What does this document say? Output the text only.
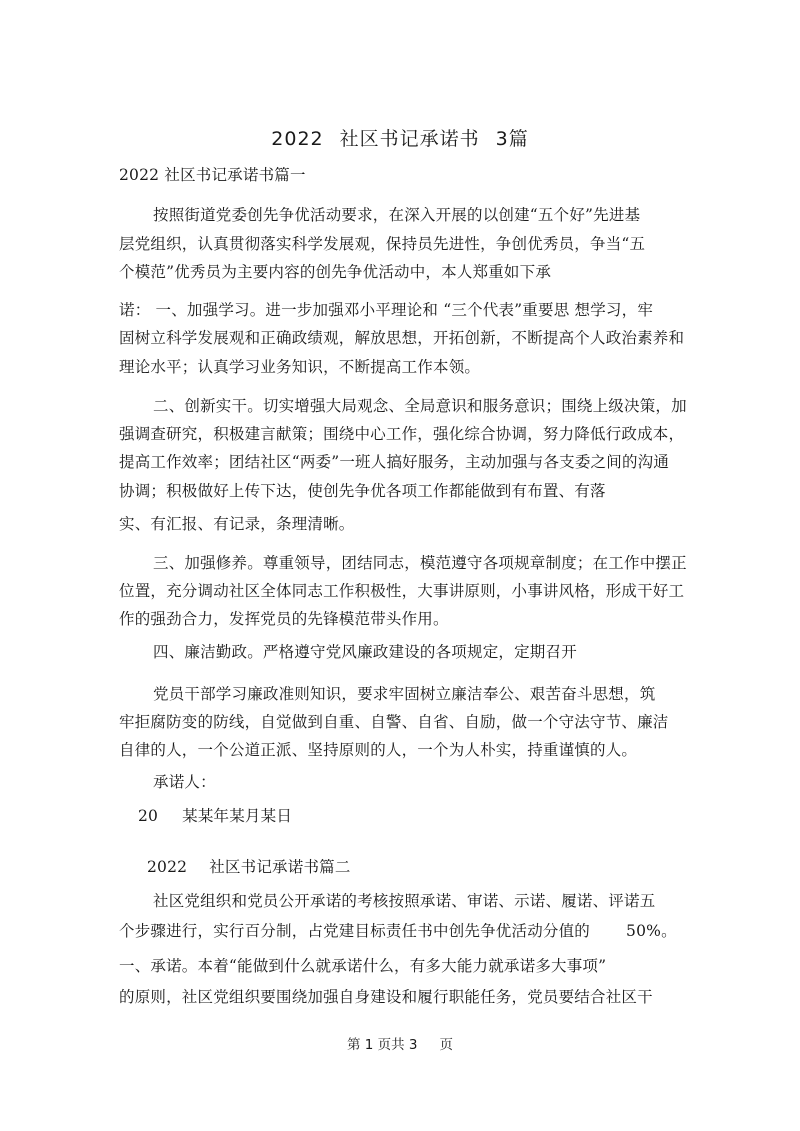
2022 社区书记承诺书 3篇
2022 社区书记承诺书篇一
按照街道党委创先争优活动要求，在深入开展的以创建“五个好”先进基
层党组织，认真贯彻落实科学发展观，保持员先进性，争创优秀员，争当“五
个模范”优秀员为主要内容的创先争优活动中，本人郑重如下承
诺： 一、加强学习。进一步加强邓小平理论和 “三个代表”重要思 想学习，牢
固树立科学发展观和正确政绩观，解放思想，开拓创新，不断提高个人政治素养和
理论水平；认真学习业务知识，不断提高工作本领。
二、创新实干。切实增强大局观念、全局意识和服务意识；围绕上级决策，加
强调查研究，积极建言献策；围绕中心工作，强化综合协调，努力降低行政成本，
提高工作效率；团结社区“两委”一班人搞好服务，主动加强与各支委之间的沟通
协调；积极做好上传下达，使创先争优各项工作都能做到有布置、有落
实、有汇报、有记录，条理清晰。
三、加强修养。尊重领导，团结同志，模范遵守各项规章制度；在工作中摆正
位置，充分调动社区全体同志工作积极性，大事讲原则，小事讲风格，形成干好工
作的强劲合力，发挥党员的先锋模范带头作用。
四、廉洁勤政。严格遵守党风廉政建设的各项规定，定期召开
党员干部学习廉政准则知识，要求牢固树立廉洁奉公、艰苦奋斗思想，筑
牢拒腐防变的防线，自觉做到自重、自警、自省、自励，做一个守法守节、廉洁
自律的人，一个公道正派、坚持原则的人，一个为人朴实，持重谨慎的人。
承诺人：
20 某某年某月某日
2022 社区书记承诺书篇二
社区党组织和党员公开承诺的考核按照承诺、审诺、示诺、履诺、评诺五
个步骤进行，实行百分制，占党建目标责任书中创先争优活动分值的 50%。
一、承诺。本着“能做到什么就承诺什么，有多大能力就承诺多大事项”
的原则，社区党组织要围绕加强自身建设和履行职能任务，党员要结合社区干
第 1 页共 3 页
